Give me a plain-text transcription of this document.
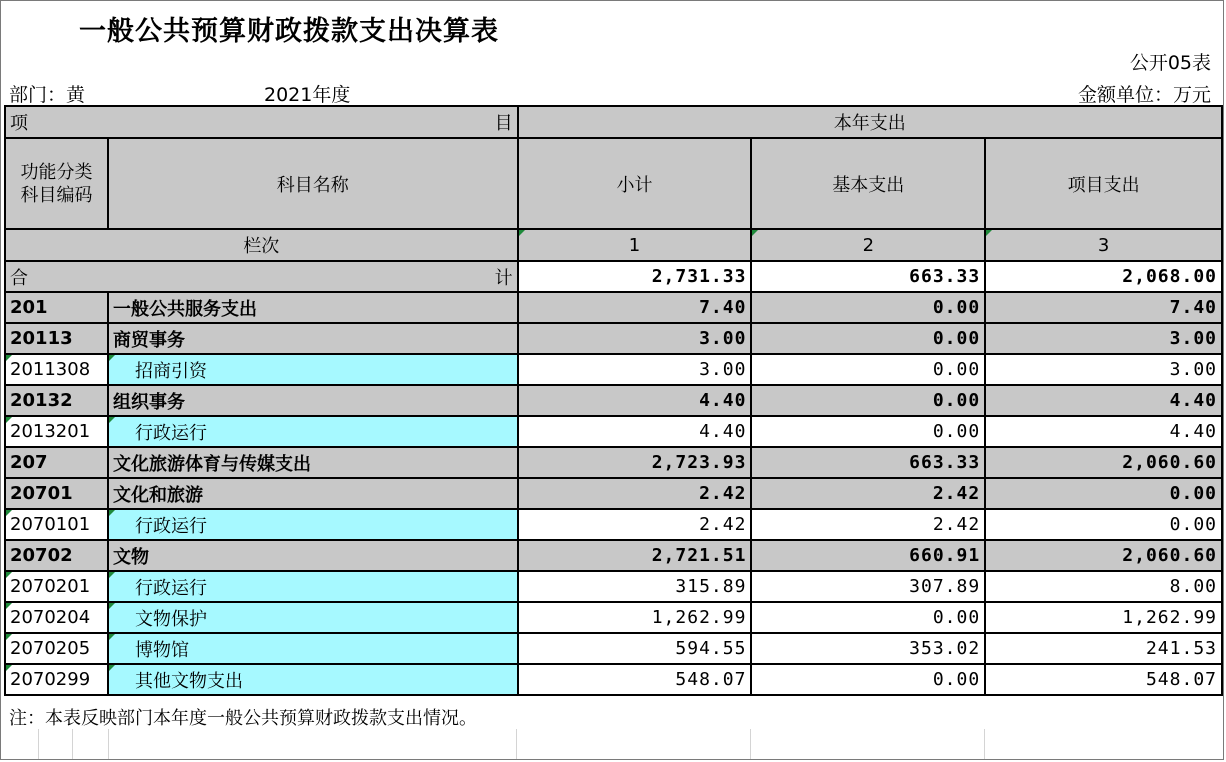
一般公共预算财政拨款支出决算表
公开05表
部门：黄	2021年度	金额单位：万元
项 目		本年支出		
功能分类
科目编码	科目名称	小计	基本支出	项目支出
栏次		1	2	3

合 计		2,731.33	663.33	2,068.00
201	一般公共服务支出	7.40	0.00	7.40
20113	商贸事务	3.00	0.00	3.00
2011308	招商引资	3.00	0.00	3.00
20132	组织事务	4.40	0.00	4.40
2013201	行政运行	4.40	0.00	4.40
207	文化旅游体育与传媒支出	2,723.93	663.33	2,060.60
20701	文化和旅游	2.42	2.42	0.00
2070101	行政运行	2.42	2.42	0.00
20702	文物	2,721.51	660.91	2,060.60
2070201	行政运行	315.89	307.89	8.00
2070204	文物保护	1,262.99	0.00	1,262.99
2070205	博物馆	594.55	353.02	241.53
2070299	其他文物支出	548.07	0.00	548.07
注：本表反映部门本年度一般公共预算财政拨款支出情况。
